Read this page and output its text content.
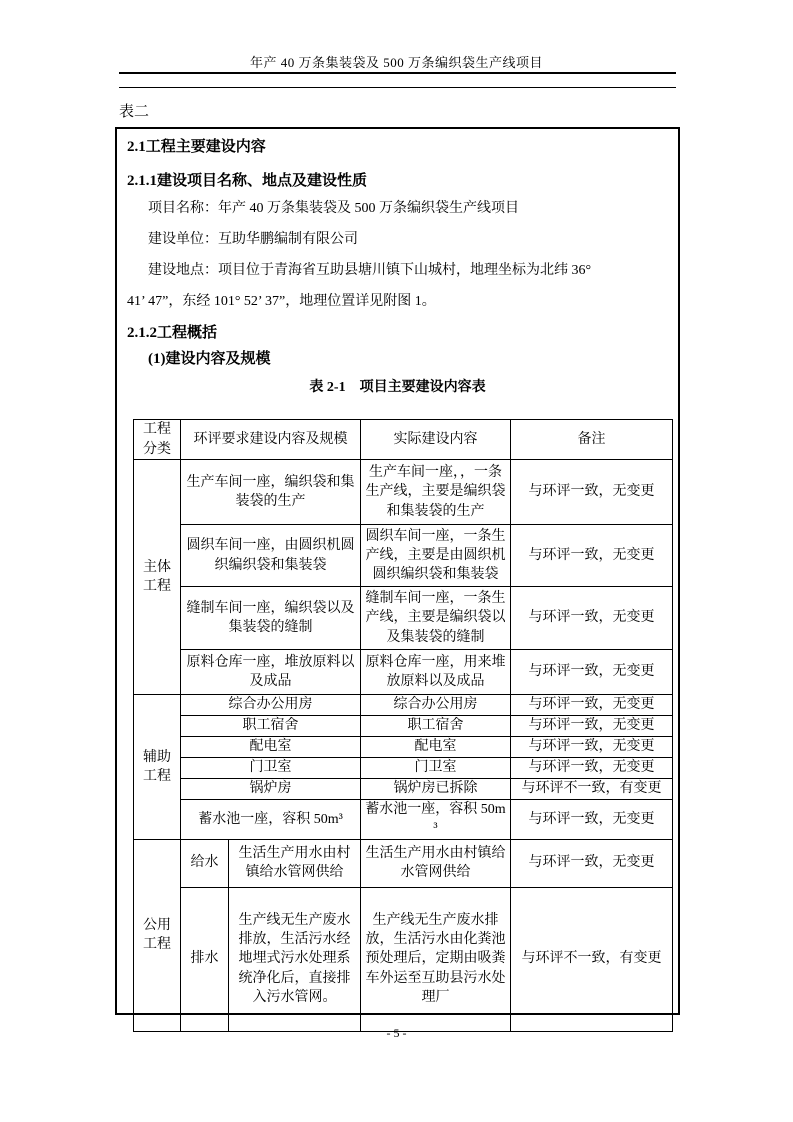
年产 40 万条集装袋及 500 万条编织袋生产线项目
表二
2.1工程主要建设内容
2.1.1建设项目名称、地点及建设性质
项目名称：年产 40 万条集装袋及 500 万条编织袋生产线项目
建设单位：互助华鹏编制有限公司
建设地点：项目位于青海省互助县塘川镇下山城村，地理坐标为北纬 36°
41’ 47”，东经 101° 52’ 37”，地理位置详见附图 1。
2.1.2工程概括
(1)建设内容及规模
表 2-1　项目主要建设内容表
工程分类	环评要求建设内容及规模		实际建设内容	备注
主体工程	生产车间一座，编织袋和集装袋的生产		生产车间一座，，一条生产线，主要是编织袋和集装袋的生产	与环评一致，无变更
	圆织车间一座，由圆织机圆织编织袋和集装袋		圆织车间一座，一条生产线，主要是由圆织机圆织编织袋和集装袋	与环评一致，无变更
	缝制车间一座，编织袋以及集装袋的缝制		缝制车间一座，一条生产线，主要是编织袋以及集装袋的缝制	与环评一致，无变更
	原料仓库一座，堆放原料以及成品		原料仓库一座，用来堆放原料以及成品	与环评一致，无变更
辅助工程	综合办公用房		综合办公用房	与环评一致，无变更
	职工宿舍		职工宿舍	与环评一致，无变更
	配电室		配电室	与环评一致，无变更
	门卫室		门卫室	与环评一致，无变更
	锅炉房		锅炉房已拆除	与环评不一致，有变更
	蓄水池一座，容积 50m³		蓄水池一座，容积 50m³	与环评一致，无变更
公用工程	给水	生活生产用水由村镇给水管网供给	生活生产用水由村镇给水管网供给	与环评一致，无变更
	排水	生产线无生产废水排放，生活污水经地埋式污水处理系统净化后，直接排入污水管网。	生产线无生产废水排放，生活污水由化粪池预处理后，定期由吸粪车外运至互助县污水处理厂	与环评不一致，有变更
- 5 -
